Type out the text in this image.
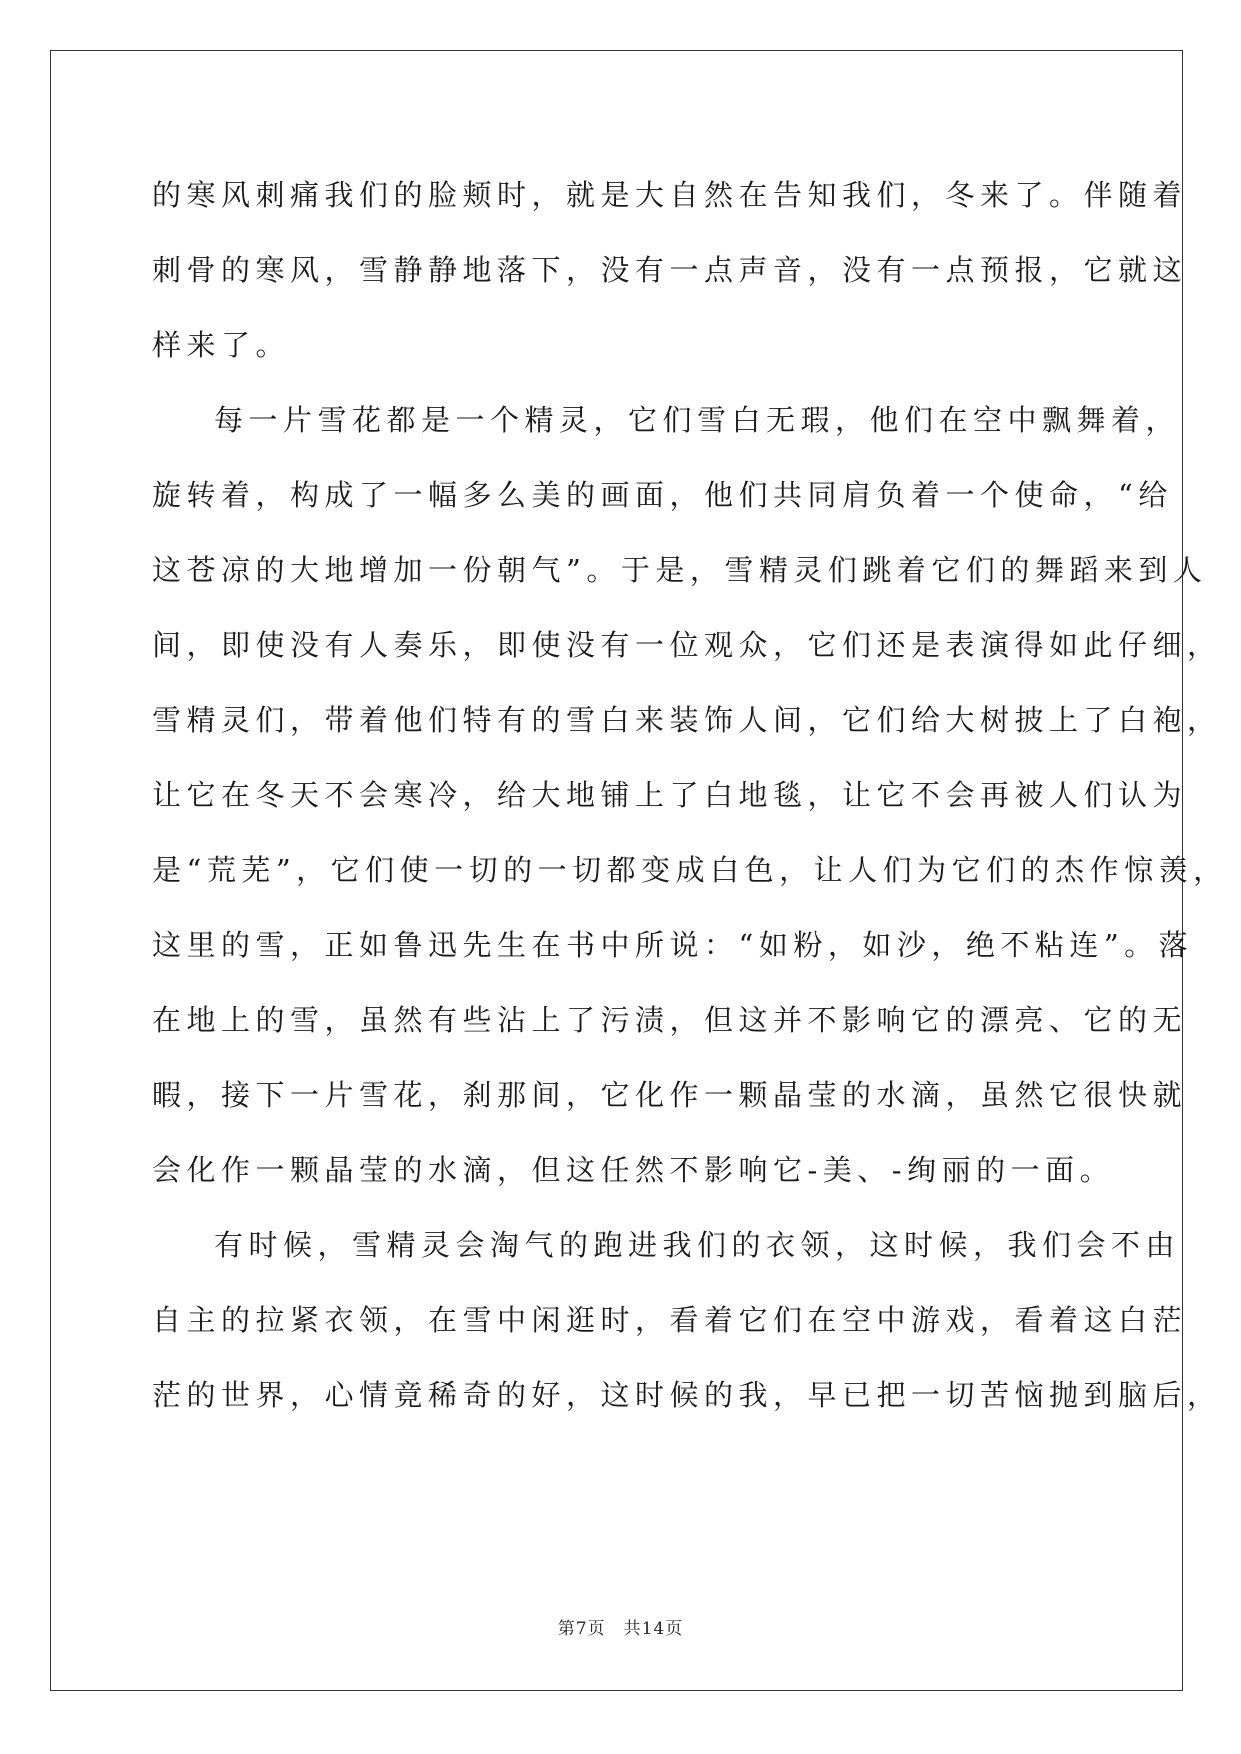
的寒风刺痛我们的脸颊时，就是大自然在告知我们，冬来了。伴随着
刺骨的寒风，雪静静地落下，没有一点声音，没有一点预报，它就这
样来了。
每一片雪花都是一个精灵，它们雪白无瑕，他们在空中飘舞着，
旋转着，构成了一幅多么美的画面，他们共同肩负着一个使命，“给
这苍凉的大地增加一份朝气”。于是，雪精灵们跳着它们的舞蹈来到人
间，即使没有人奏乐，即使没有一位观众，它们还是表演得如此仔细，
雪精灵们，带着他们特有的雪白来装饰人间，它们给大树披上了白袍，
让它在冬天不会寒冷，给大地铺上了白地毯，让它不会再被人们认为
是“荒芜”，它们使一切的一切都变成白色，让人们为它们的杰作惊羡，
这里的雪，正如鲁迅先生在书中所说：“如粉，如沙，绝不粘连”。落
在地上的雪，虽然有些沾上了污渍，但这并不影响它的漂亮、它的无
暇，接下一片雪花，刹那间，它化作一颗晶莹的水滴，虽然它很快就
会化作一颗晶莹的水滴，但这任然不影响它-美、-绚丽的一面。
有时候，雪精灵会淘气的跑进我们的衣领，这时候，我们会不由
自主的拉紧衣领，在雪中闲逛时，看着它们在空中游戏，看着这白茫
茫的世界，心情竟稀奇的好，这时候的我，早已把一切苦恼抛到脑后，
第7页　共14页
